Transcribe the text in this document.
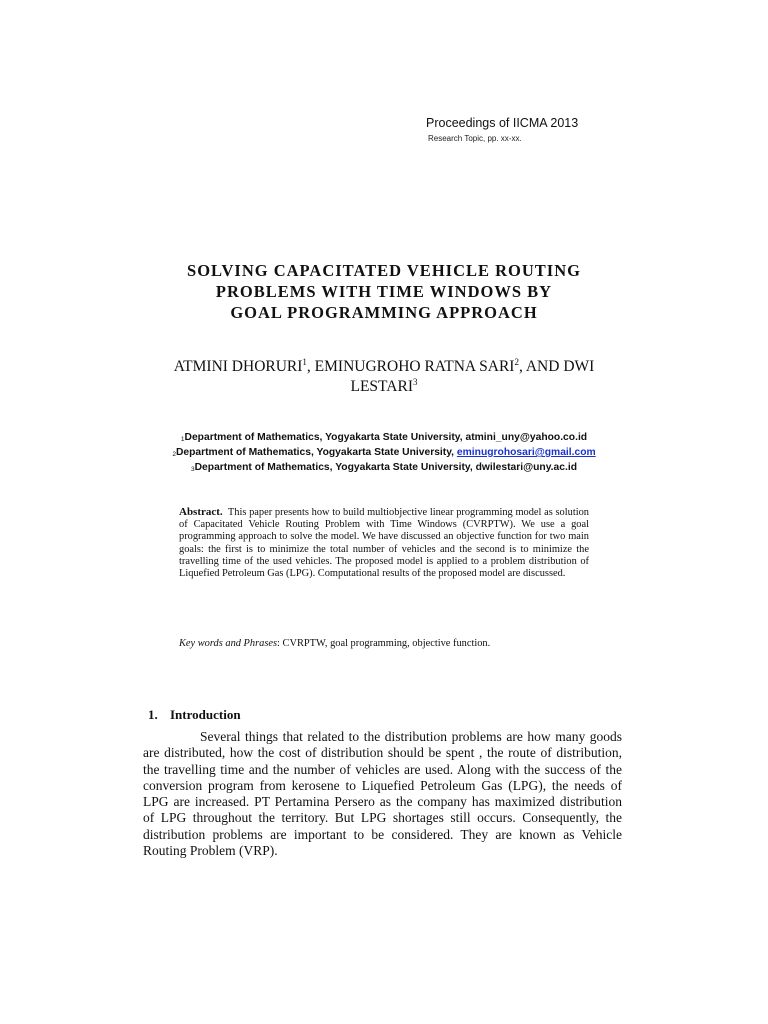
Proceedings of IICMA 2013
Research Topic, pp. xx-xx.
SOLVING CAPACITATED VEHICLE ROUTING
PROBLEMS WITH TIME WINDOWS BY
GOAL PROGRAMMING APPROACH
ATMINI DHORURI$^1$, EMINUGROHO RATNA SARI$^2$, AND DWI
LESTARI$^3$
1Department of Mathematics, Yogyakarta State University, atmini_uny@yahoo.co.id
2Department of Mathematics, Yogyakarta State University, eminugrohosari@gmail.com
3Department of Mathematics, Yogyakarta State University, dwilestari@uny.ac.id
Abstract. This paper presents how to build multiobjective linear programming model as solution of Capacitated Vehicle Routing Problem with Time Windows (CVRPTW). We use a goal programming approach to solve the model. We have discussed an objective function for two main goals: the first is to minimize the total number of vehicles and the second is to minimize the travelling time of the used vehicles. The proposed model is applied to a problem distribution of Liquefied Petroleum Gas (LPG). Computational results of the proposed model are discussed.
Key words and Phrases: CVRPTW, goal programming, objective function.
1. Introduction
Several things that related to the distribution problems are how many goods
are distributed, how the cost of distribution should be spent , the route of distribution,
the travelling time and the number of vehicles are used. Along with the success of the
conversion program from kerosene to Liquefied Petroleum Gas (LPG), the needs of
LPG are increased. PT Pertamina Persero as the company has maximized distribution
of LPG throughout the territory. But LPG shortages still occurs. Consequently, the
distribution problems are important to be considered. They are known as Vehicle
Routing Problem (VRP).
